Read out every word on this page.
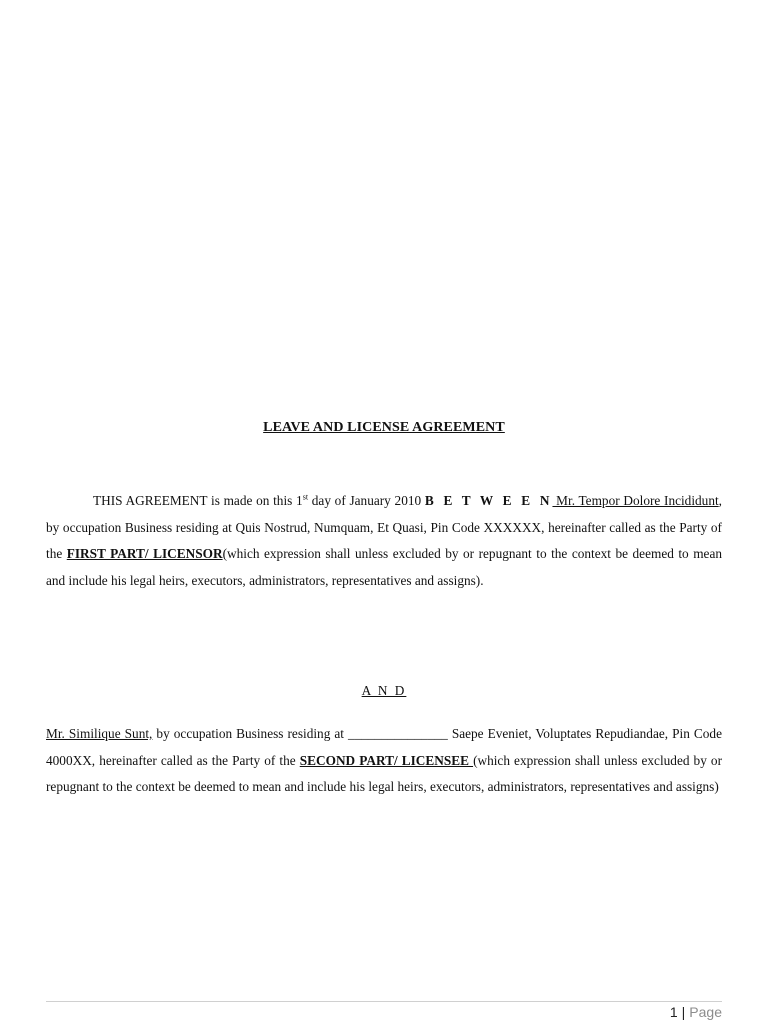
LEAVE AND LICENSE AGREEMENT

THIS AGREEMENT is made on this 1st day of January 2010 B E T W E E N Mr. Tempor Dolore Incididunt, by occupation Business residing at Quis Nostrud, Numquam, Et Quasi, Pin Code XXXXXX, hereinafter called as the Party of the FIRST PART/ LICENSOR(which expression shall unless excluded by or repugnant to the context be deemed to mean and include his legal heirs, executors, administrators, representatives and assigns).

A N D

Mr. Similique Sunt, by occupation Business residing at _______________ Saepe Eveniet, Voluptates Repudiandae, Pin Code 4000XX, hereinafter called as the Party of the SECOND PART/ LICENSEE (which expression shall unless excluded by or repugnant to the context be deemed to mean and include his legal heirs, executors, administrators, representatives and assigns)

1 | Page
